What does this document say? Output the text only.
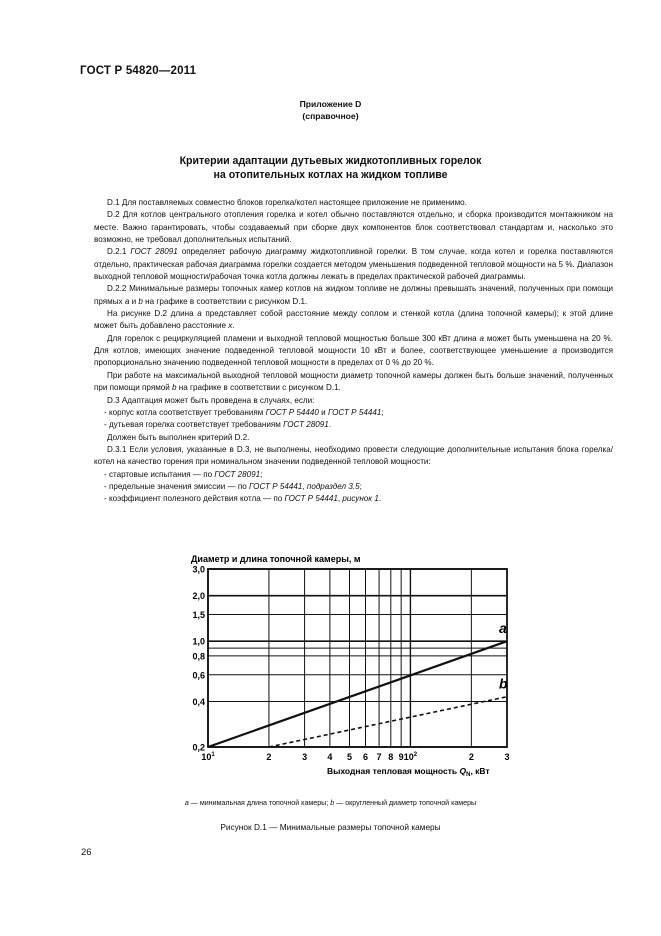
ГОСТ Р 54820—2011
Приложение D
(справочное)
Критерии адаптации дутьевых жидкотопливных горелок
на отопительных котлах на жидком топливе

D.1 Для поставляемых совместно блоков горелка/котел настоящее приложение не применимо.

D.2 Для котлов центрального отопления горелка и котел обычно поставляются отдельно, и сборка производится монтажником на месте. Важно гарантировать, чтобы создаваемый при сборке двух компонентов блок соответствовал стандартам и, насколько это возможно, не требовал дополнительных испытаний.

D.2.1 ГОСТ 28091 определяет рабочую диаграмму жидкотопливной горелки. В том случае, когда котел и горелка поставляются отдельно, практическая рабочая диаграмма горелки создается методом уменьшения подведенной тепловой мощности на 5 %. Диапазон выходной тепловой мощности/рабочая точка котла должны лежать в пределах практической рабочей диаграммы.

D.2.2 Минимальные размеры топочных камер котлов на жидком топливе не должны превышать значений, полученных при помощи прямых a и b на графике в соответствии с рисунком D.1.

На рисунке D.2 длина a представляет собой расстояние между соплом и стенкой котла (длина топочной камеры); к этой длине может быть добавлено расстояние x.

Для горелок с рециркуляцией пламени и выходной тепловой мощностью больше 300 кВт длина a может быть уменьшена на 20 %. Для котлов, имеющих значение подведенной тепловой мощности 10 кВт и более, соответствующее уменьшение a производится пропорционально значению подведенной тепловой мощности в пределах от 0 % до 20 %.

При работе на максимальной выходной тепловой мощности диаметр топочной камеры должен быть больше значений, полученных при помощи прямой b на графике в соответствии с рисунком D.1.

D.3 Адаптация может быть проведена в случаях, если:

- корпус котла соответствует требованиям ГОСТ Р 54440 и ГОСТ Р 54441;

- дутьевая горелка соответствует требованиям ГОСТ 28091.

Должен быть выполнен критерий D.2.

D.3.1 Если условия, указанные в D.3, не выполнены, необходимо провести следующие дополнительные испытания блока горелка/котел на качество горения при номинальном значении подведенной тепловой мощности:

- стартовые испытания — по ГОСТ 28091;

- предельные значения эмиссии — по ГОСТ Р 54441, подраздел 3.5;

- коэффициент полезного действия котла — по ГОСТ Р 54441, рисунок 1.

$10^1$	2	3 4 5 6 7 8 9 $10^2$	2	3
0,2
0,4
0,6
0,8
1,0
1,5
2,0
3,0
a
b
Диаметр и длина топочной камеры, м
Выходная тепловая мощность $Q_N$, кВт
a — минимальная длина топочной камеры; b — округленный диаметр топочной камеры
Рисунок D.1 — Минимальные размеры топочной камеры
26
